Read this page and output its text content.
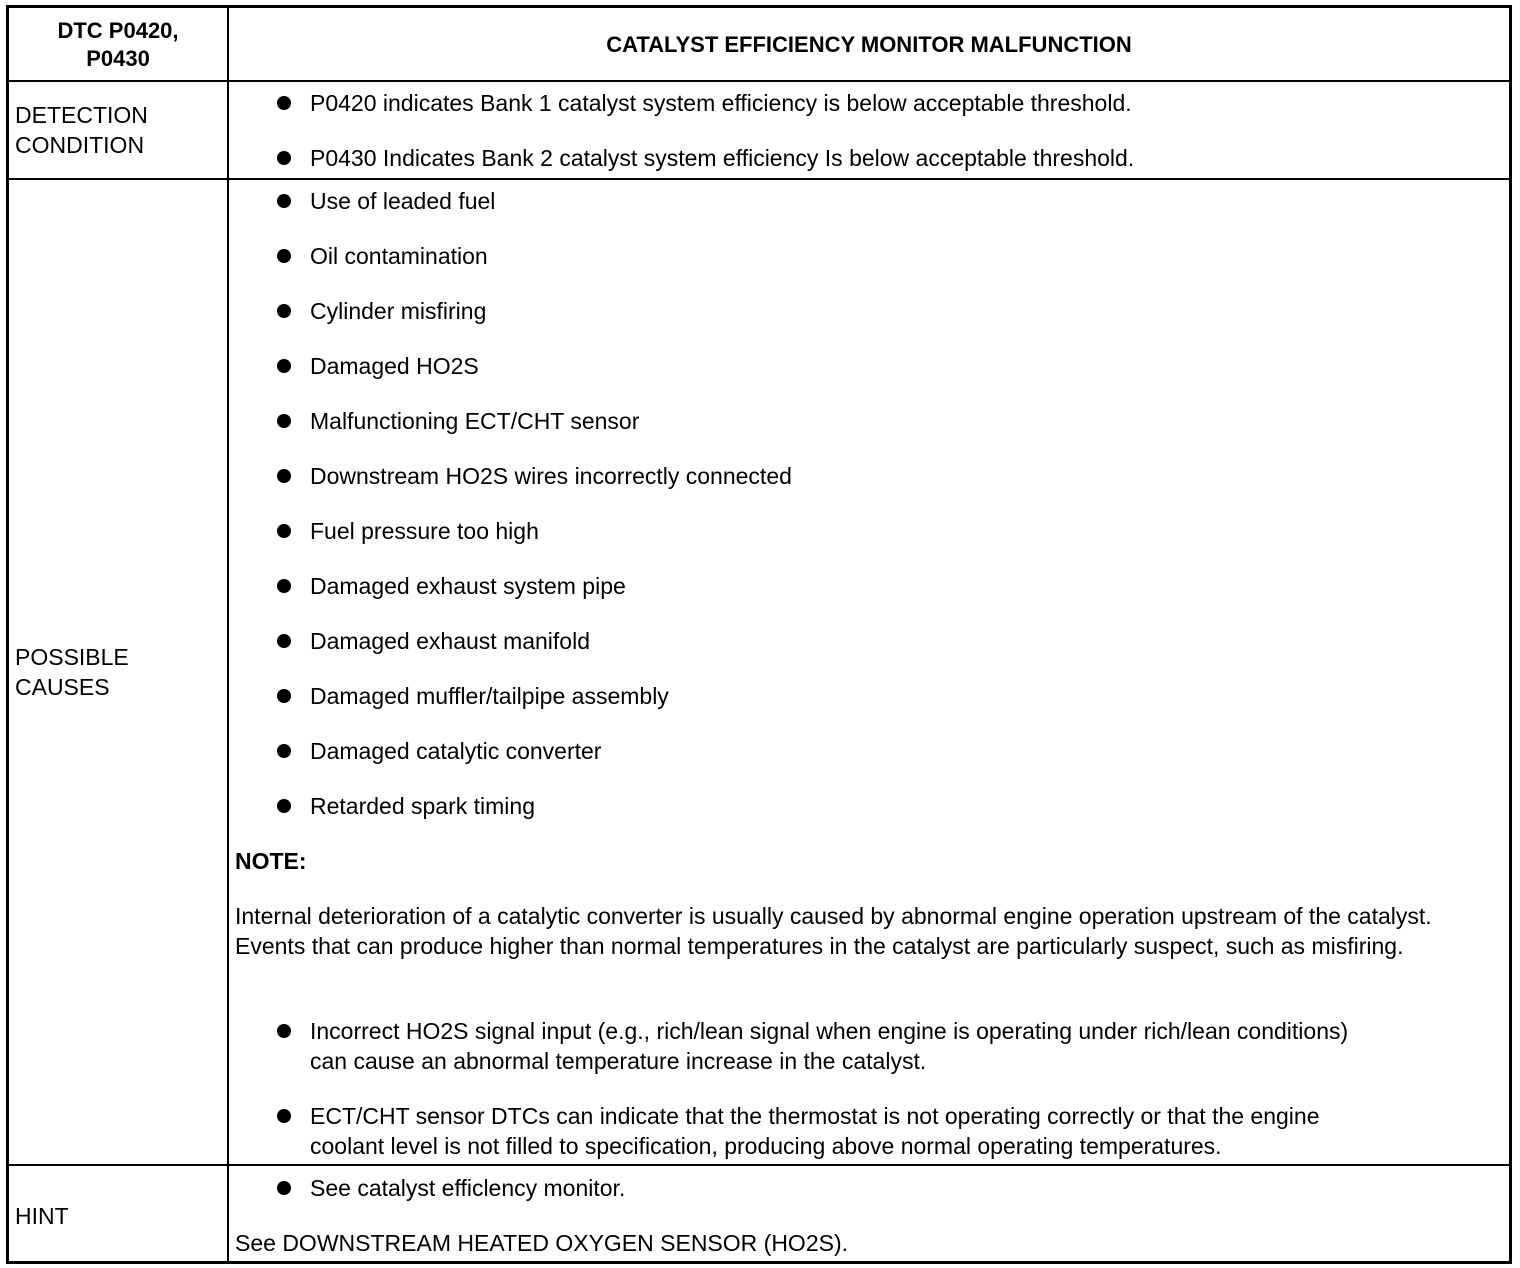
DTC P0420,
P0430
CATALYST EFFICIENCY MONITOR MALFUNCTION
DETECTION
CONDITION
P0420 indicates Bank 1 catalyst system efficiency is below acceptable threshold.
P0430 Indicates Bank 2 catalyst system efficiency Is below acceptable threshold.
POSSIBLE
CAUSES
Use of leaded fuel
Oil contamination
Cylinder misfiring
Damaged HO2S
Malfunctioning ECT/CHT sensor
Downstream HO2S wires incorrectly connected
Fuel pressure too high
Damaged exhaust system pipe
Damaged exhaust manifold
Damaged muffler/tailpipe assembly
Damaged catalytic converter
Retarded spark timing
NOTE:
Internal deterioration of a catalytic converter is usually caused by abnormal engine operation upstream of the catalyst. Events that can produce higher than normal temperatures in the catalyst are particularly suspect, such as misfiring.
Incorrect HO2S signal input (e.g., rich/lean signal when engine is operating under rich/lean conditions)
can cause an abnormal temperature increase in the catalyst.
ECT/CHT sensor DTCs can indicate that the thermostat is not operating correctly or that the engine
coolant level is not filled to specification, producing above normal operating temperatures.
HINT
See catalyst efficlency monitor.
See DOWNSTREAM HEATED OXYGEN SENSOR (HO2S).
